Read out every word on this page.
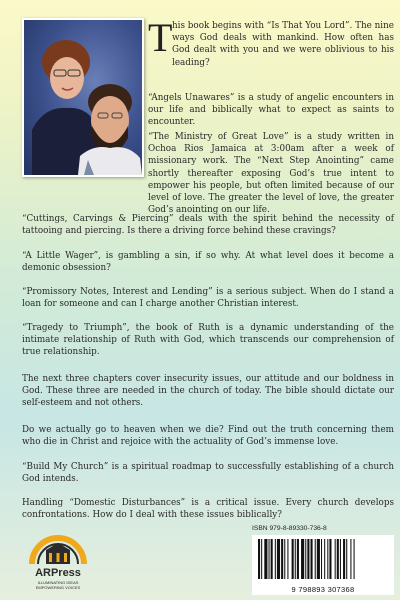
T his book begins with “Is That You Lord”. The nine ways God deals with mankind. How often has God dealt with you and we were oblivious to his leading?

“Angels Unawares” is a study of angelic encounters in our life and biblically what to expect as saints to encounter.

“The Ministry of Great Love” is a study written in Ochoa Rios Jamaica at 3:00am after a week of missionary work. The “Next Step Anointing” came shortly thereafter exposing God’s true intent to empower his people, but often limited because of our level of love. The greater the level of love, the greater God’s anointing on our life.

“Cuttings, Carvings & Piercing” deals with the spirit behind the necessity of tattooing and piercing. Is there a driving force behind these cravings?

“A Little Wager”, is gambling a sin, if so why. At what level does it become a demonic obsession?

“Promissory Notes, Interest and Lending” is a serious subject. When do I stand a loan for someone and can I charge another Christian interest.

“Tragedy to Triumph”, the book of Ruth is a dynamic understanding of the intimate relationship of Ruth with God, which transcends our comprehension of true relationship.

The next three chapters cover insecurity issues, our attitude and our boldness in God. These three are needed in the church of today. The bible should dictate our self-esteem and not others.

Do we actually go to heaven when we die? Find out the truth concerning them who die in Christ and rejoice with the actuality of God’s immense love.

“Build My Church” is a spiritual roadmap to successfully establishing of a church God intends.

Handling “Domestic Disturbances” is a critical issue. Every church develops confrontations. How do I deal with these issues biblically?

ARPress
ILLUMINATING IDEAS
EMPOWERING VOICES
ISBN 979-8-89330-736-8
9 798893 307368
